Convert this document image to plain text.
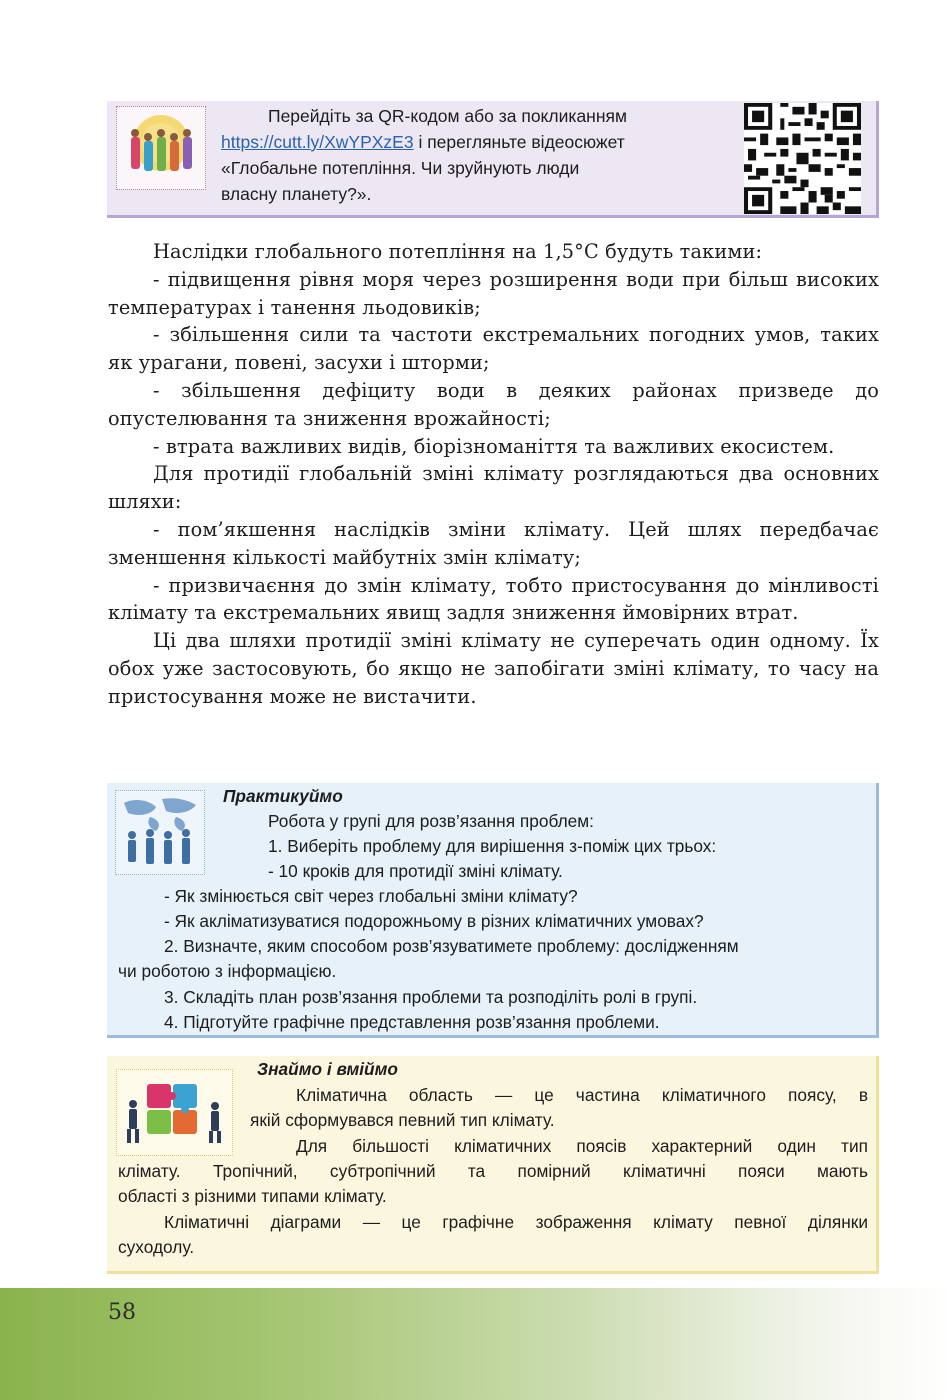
Перейдіть за QR-кодом або за покликанням
https://cutt.ly/XwYPXzE3 і перегляньте відеосюжет
«Глобальне потепління. Чи зруйнують люди
власну планету?».

Наслідки глобального потепління на 1,5°С будуть такими:

- підвищення рівня моря через розширення води при більш високих температурах і танення льодовиків;

- збільшення сили та частоти екстремальних погодних умов, таких як урагани, повені, засухи і шторми;

- збільшення дефіциту води в деяких районах призведе до опустелювання та зниження врожайності;

- втрата важливих видів, біорізноманіття та важливих екосистем.

Для протидії глобальній зміні клімату розглядаються два основних шляхи:

- пом’якшення наслідків зміни клімату. Цей шлях передбачає зменшення кількості майбутніх змін клімату;

- призвичаєння до змін клімату, тобто пристосування до мінливості клімату та екстремальних явищ задля зниження ймовірних втрат.

Ці два шляхи протидії зміні клімату не суперечать один одному. Їх обох уже застосовують, бо якщо не запобігати зміні клімату, то часу на пристосування може не вистачити.

Практикуймо
Робота у групі для розв’язання проблем:
1. Виберіть проблему для вирішення з-поміж цих трьох:
- 10 кроків для протидії зміні клімату.
- Як змінюється світ через глобальні зміни клімату?
- Як акліматизуватися подорожньому в різних кліматичних умовах?
2. Визначте, яким способом розв’язуватимете проблему: дослідженням
чи роботою з інформацією.
3. Складіть план розв’язання проблеми та розподіліть ролі в групі.
4. Підготуйте графічне представлення розв’язання проблеми.
Знаймо і вміймо
Кліматична область — це частина кліматичного поясу, в
якій сформувався певний тип клімату.
Для більшості кліматичних поясів характерний один тип
клімату. Тропічний, субтропічний та помірний кліматичні пояси мають
області з різними типами клімату.
Кліматичні діаграми — це графічне зображення клімату певної ділянки
суходолу.
58
